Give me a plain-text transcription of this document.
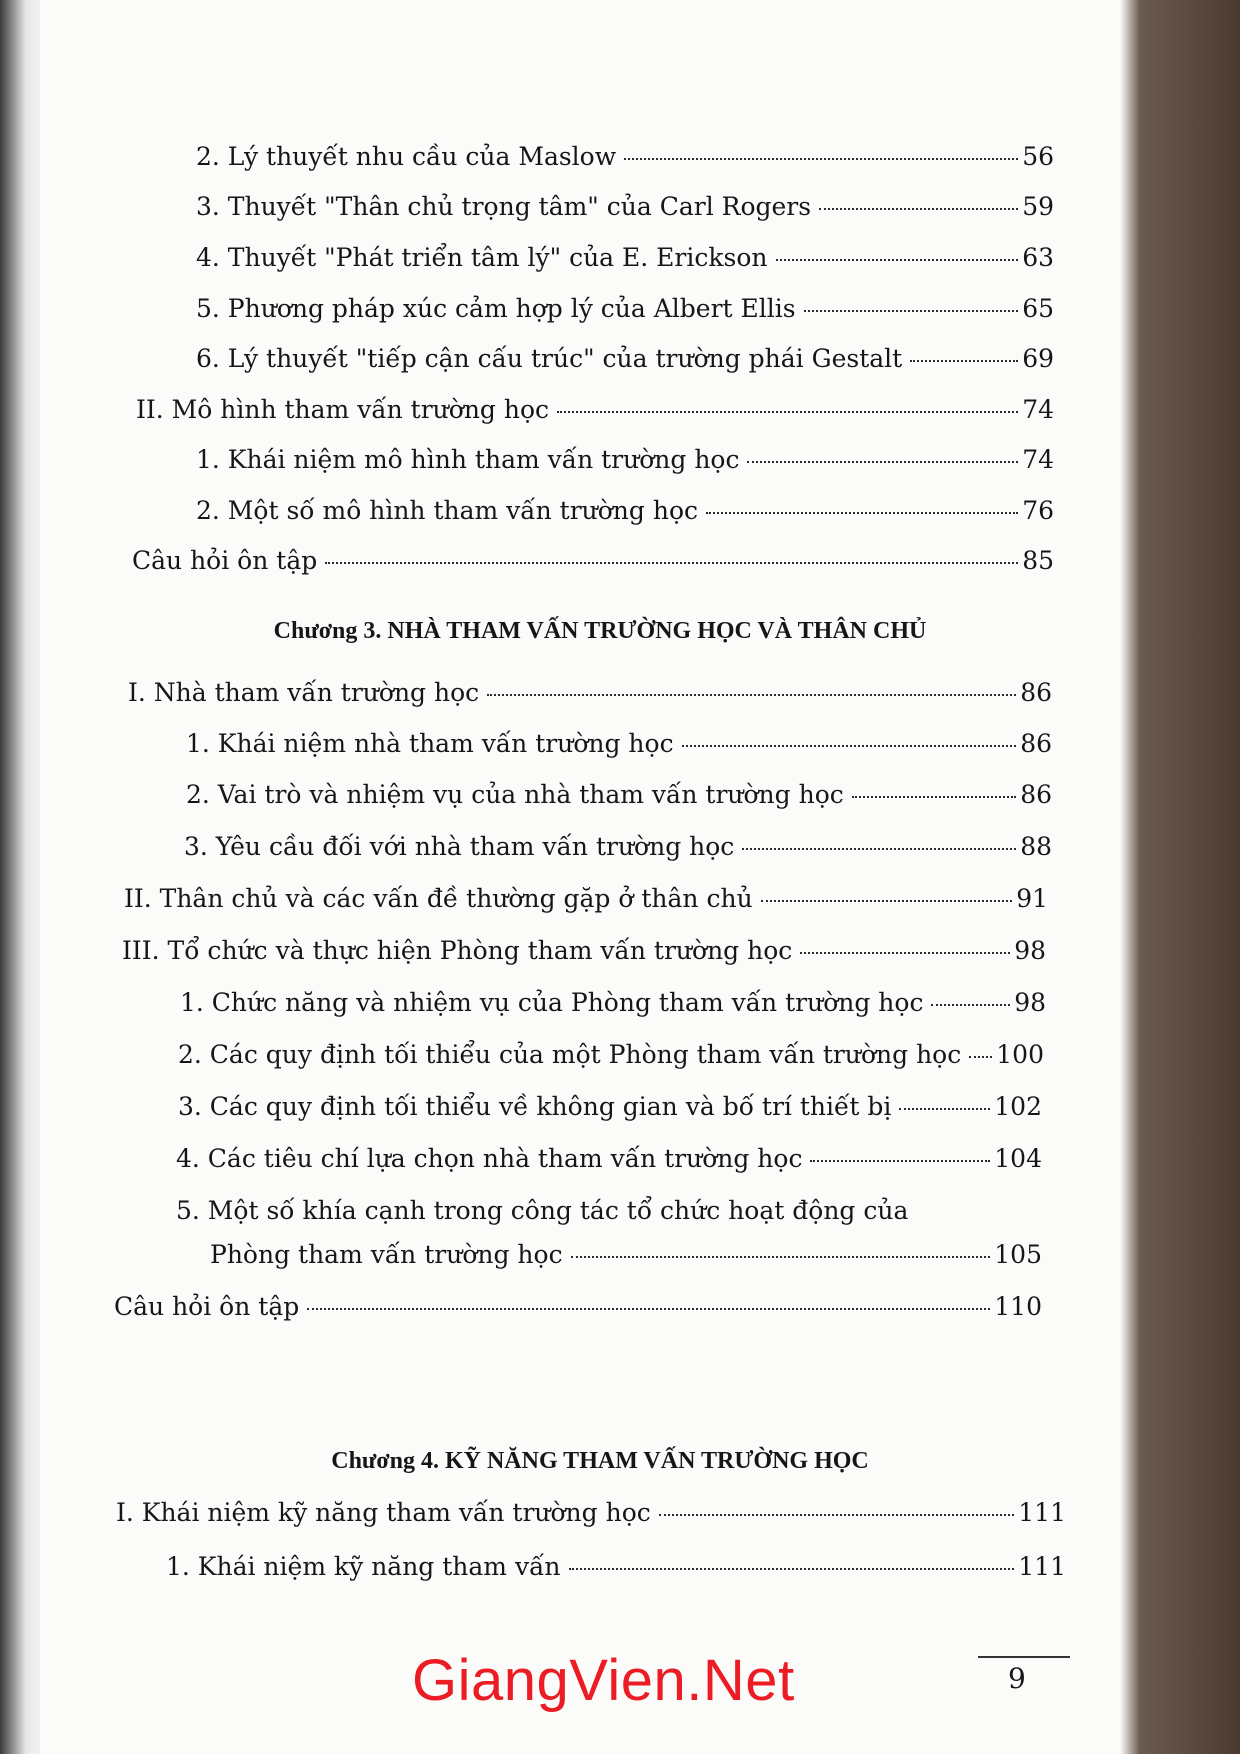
2. Lý thuyết nhu cầu của Maslow	56
3. Thuyết "Thân chủ trọng tâm" của Carl Rogers	59
4. Thuyết "Phát triển tâm lý" của E. Erickson	63
5. Phương pháp xúc cảm hợp lý của Albert Ellis	65
6. Lý thuyết "tiếp cận cấu trúc" của trường phái Gestalt	69
II. Mô hình tham vấn trường học	74
1. Khái niệm mô hình tham vấn trường học	74
2. Một số mô hình tham vấn trường học	76
Câu hỏi ôn tập	85
Chương 3. NHÀ THAM VẤN TRƯỜNG HỌC VÀ THÂN CHỦ
I. Nhà tham vấn trường học	86
1. Khái niệm nhà tham vấn trường học	86
2. Vai trò và nhiệm vụ của nhà tham vấn trường học	86
3. Yêu cầu đối với nhà tham vấn trường học	88
II. Thân chủ và các vấn đề thường gặp ở thân chủ	91
III. Tổ chức và thực hiện Phòng tham vấn trường học	98
1. Chức năng và nhiệm vụ của Phòng tham vấn trường học	98
2. Các quy định tối thiểu của một Phòng tham vấn trường học 100
3. Các quy định tối thiểu về không gian và bố trí thiết bị	102
4. Các tiêu chí lựa chọn nhà tham vấn trường học	104
5. Một số khía cạnh trong công tác tổ chức hoạt động của
Phòng tham vấn trường học	105
Câu hỏi ôn tập	110
Chương 4. KỸ NĂNG THAM VẤN TRƯỜNG HỌC
I. Khái niệm kỹ năng tham vấn trường học	111
1. Khái niệm kỹ năng tham vấn	111
9
GiangVien.Net
